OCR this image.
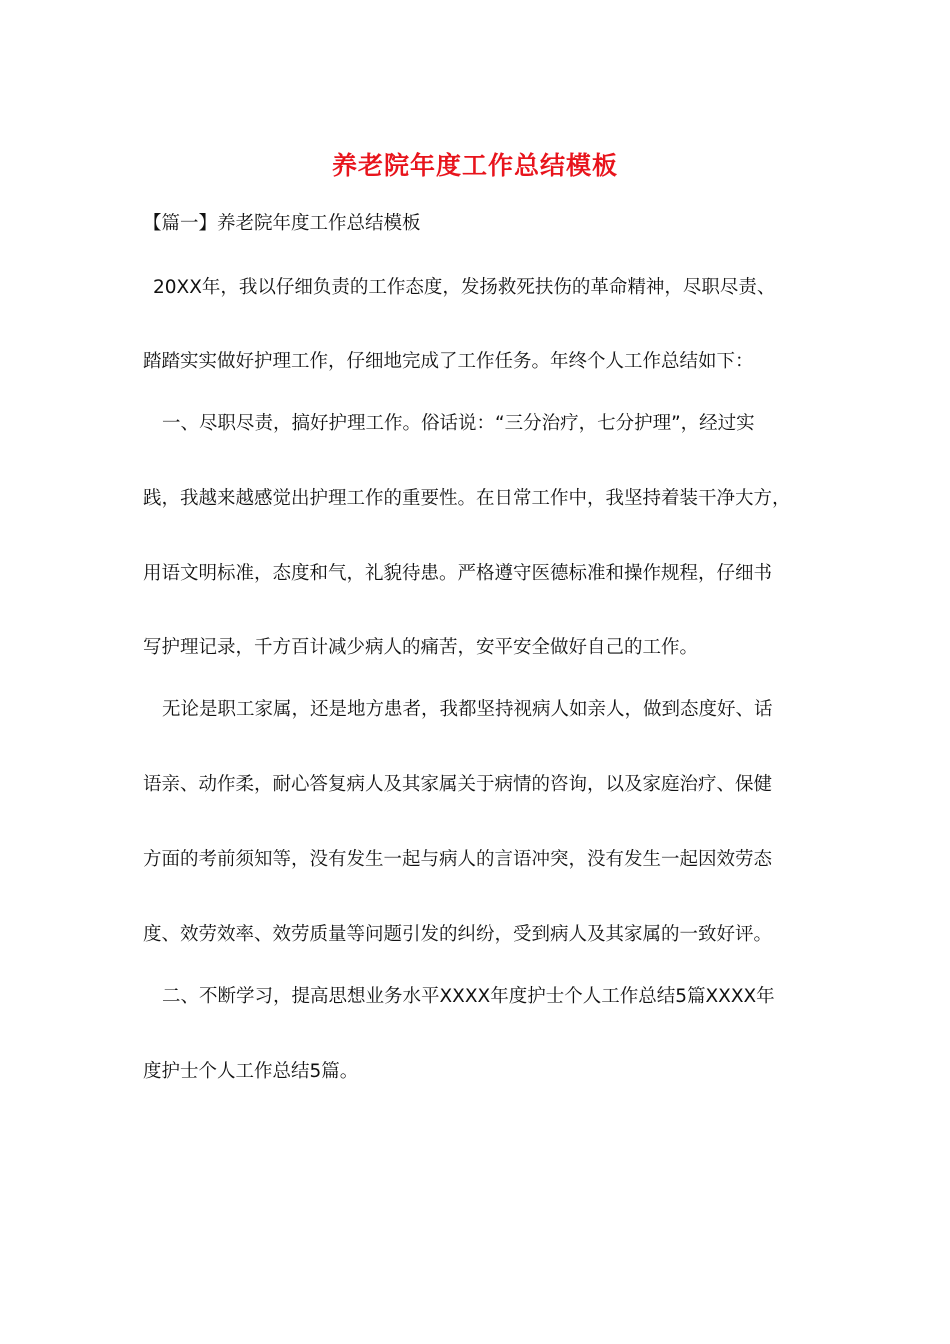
养老院年度工作总结模板
【篇一】养老院年度工作总结模板
20XX年，我以仔细负责的工作态度，发扬救死扶伤的革命精神，尽职尽责、
踏踏实实做好护理工作，仔细地完成了工作任务。年终个人工作总结如下：
一、尽职尽责，搞好护理工作。俗话说：“三分治疗，七分护理”，经过实
践，我越来越感觉出护理工作的重要性。在日常工作中，我坚持着装干净大方，
用语文明标准，态度和气，礼貌待患。严格遵守医德标准和操作规程，仔细书
写护理记录，千方百计减少病人的痛苦，安平安全做好自己的工作。
无论是职工家属，还是地方患者，我都坚持视病人如亲人，做到态度好、话
语亲、动作柔，耐心答复病人及其家属关于病情的咨询，以及家庭治疗、保健
方面的考前须知等，没有发生一起与病人的言语冲突，没有发生一起因效劳态
度、效劳效率、效劳质量等问题引发的纠纷，受到病人及其家属的一致好评。
二、不断学习，提高思想业务水平XXXX年度护士个人工作总结5篇XXXX年
度护士个人工作总结5篇。
